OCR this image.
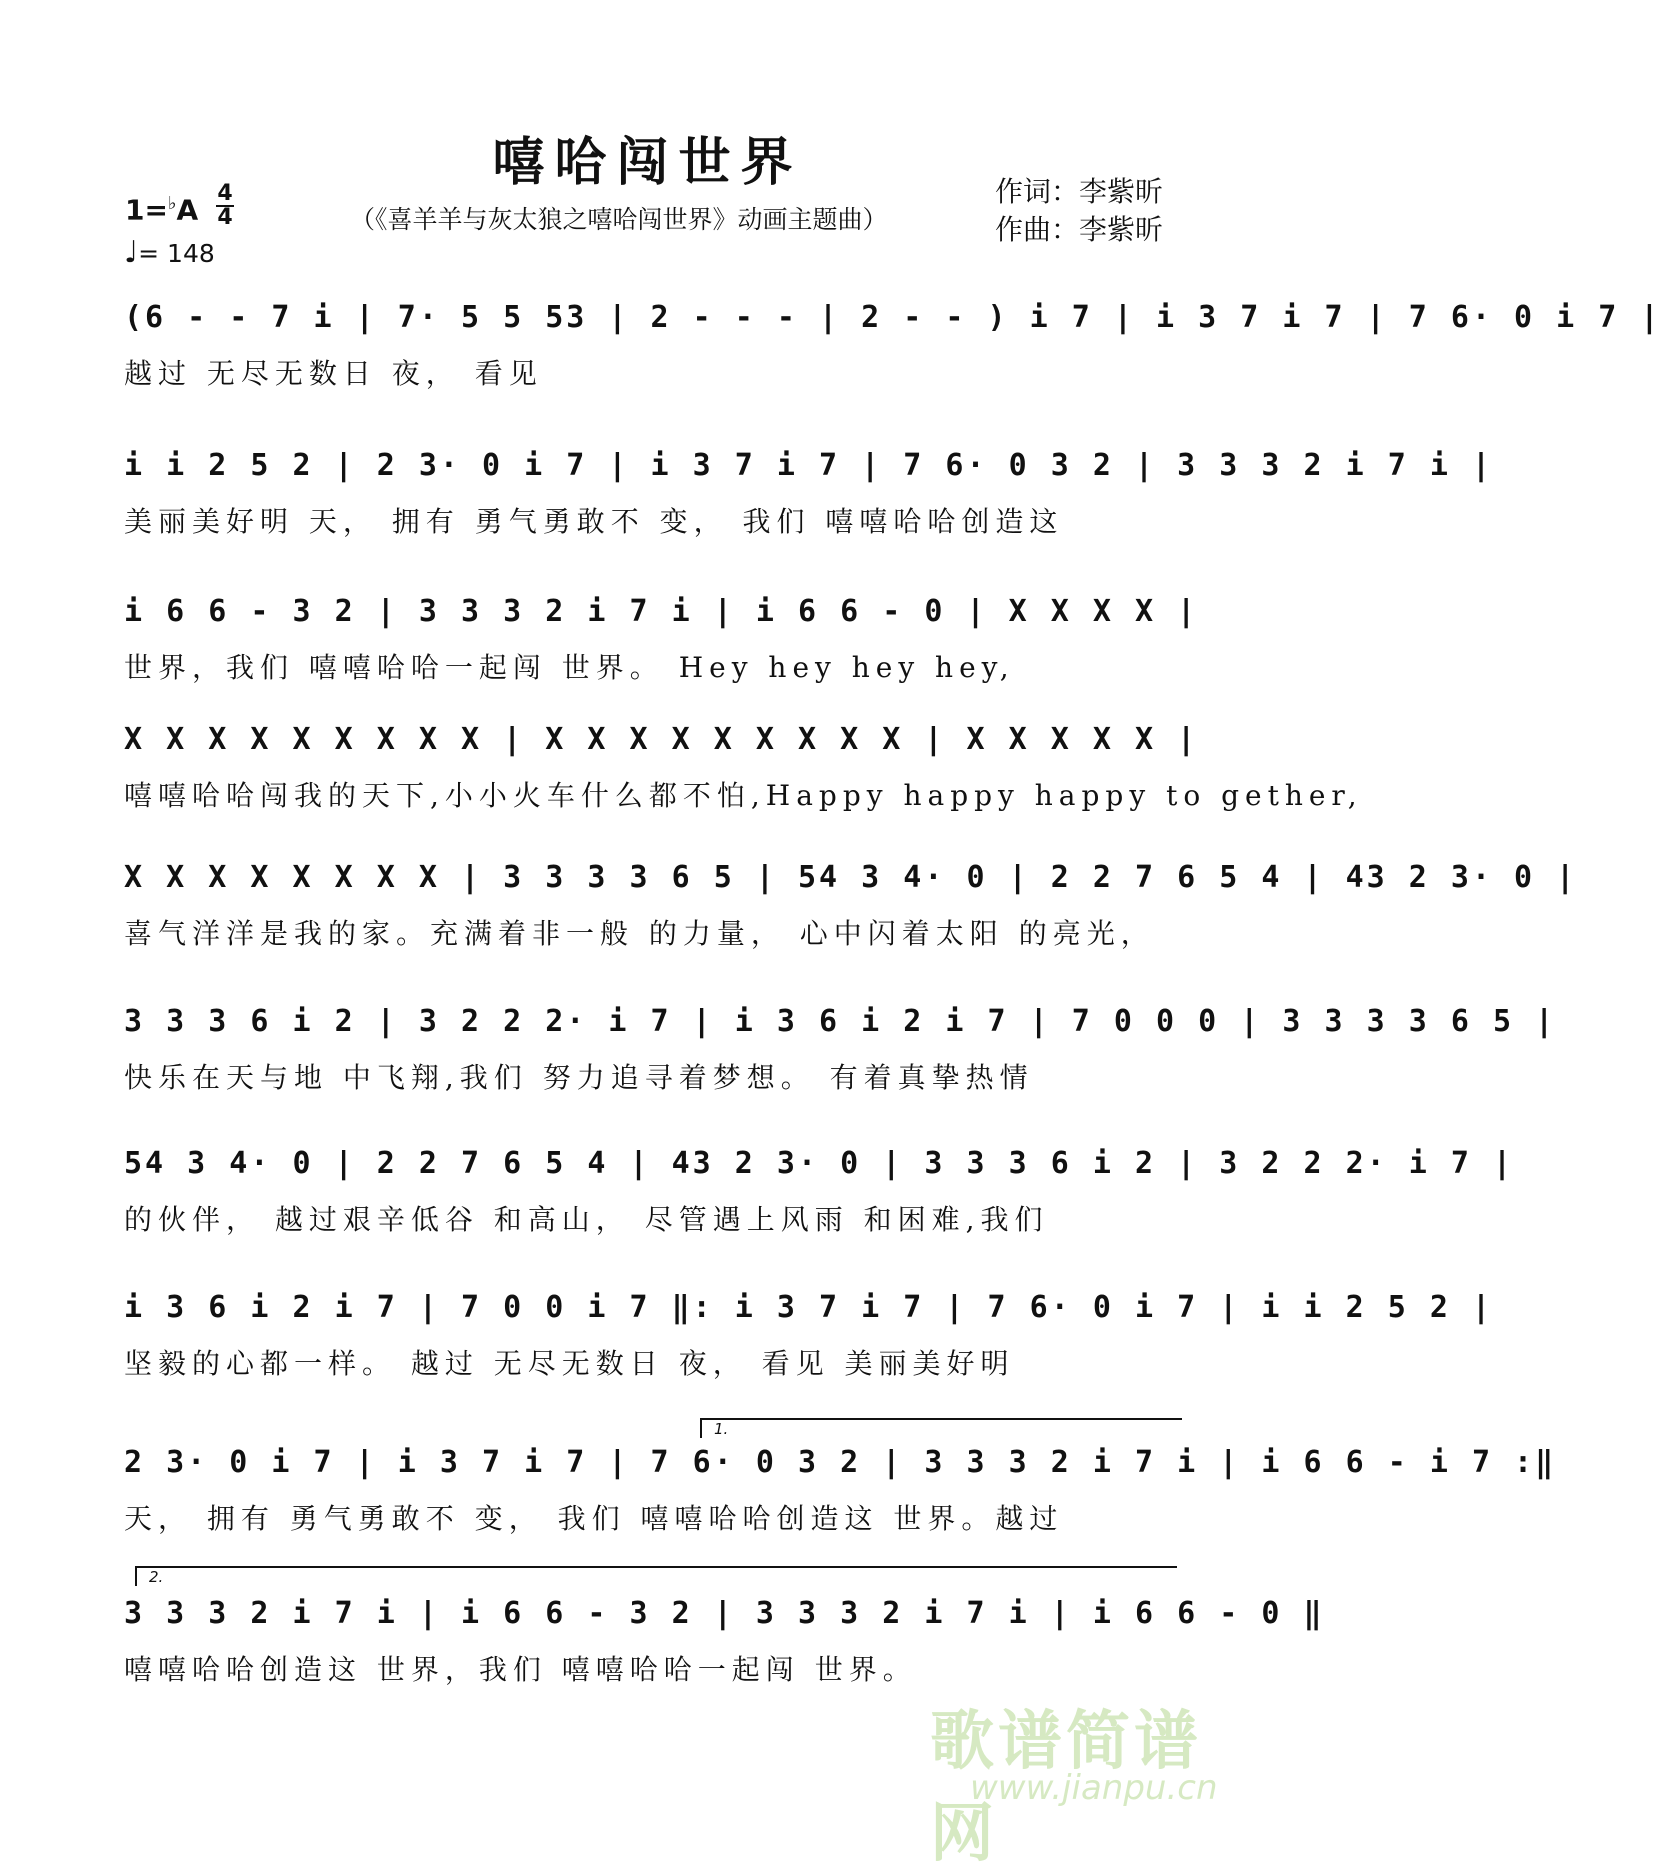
嘻哈闯世界
（《喜羊羊与灰太狼之嘻哈闯世界》动画主题曲）
作词：李紫昕
作曲：李紫昕
1=♭A 4
4
♩= 148
(6 - - 7 i | 7· 5 5 53 | 2 - - - | 2 - - ) i 7 | i 3 7 i 7 | 7 6· 0 i 7 |
越过 无尽无数日 夜， 看见
i i 2 5 2 | 2 3· 0 i 7 | i 3 7 i 7 | 7 6· 0 3 2 | 3 3 3 2 i 7 i |
美丽美好明 天， 拥有 勇气勇敢不 变， 我们 嘻嘻哈哈创造这
i 6 6 - 3 2 | 3 3 3 2 i 7 i | i 6 6 - 0 | X X X X |
世界，我们 嘻嘻哈哈一起闯 世界。 Hey hey hey hey,
X X X X X X X X X | X X X X X X X X X | X X X X X |
嘻嘻哈哈闯我的天下,小小火车什么都不怕,Happy happy happy to gether,
X X X X X X X X | 3 3 3 3 6 5 | 54 3 4· 0 | 2 2 7 6 5 4 | 43 2 3· 0 |
喜气洋洋是我的家。充满着非一般 的力量， 心中闪着太阳 的亮光，
3 3 3 6 i 2 | 3 2 2 2· i 7 | i 3 6 i 2 i 7 | 7 0 0 0 | 3 3 3 3 6 5 |
快乐在天与地 中飞翔,我们 努力追寻着梦想。 有着真挚热情
54 3 4· 0 | 2 2 7 6 5 4 | 43 2 3· 0 | 3 3 3 6 i 2 | 3 2 2 2· i 7 |
的伙伴， 越过艰辛低谷 和高山， 尽管遇上风雨 和困难,我们
i 3 6 i 2 i 7 | 7 0 0 i 7 ‖: i 3 7 i 7 | 7 6· 0 i 7 | i i 2 5 2 |
坚毅的心都一样。 越过 无尽无数日 夜， 看见 美丽美好明
1.
2 3· 0 i 7 | i 3 7 i 7 | 7 6· 0 3 2 | 3 3 3 2 i 7 i | i 6 6 - i 7 :‖
天， 拥有 勇气勇敢不 变， 我们 嘻嘻哈哈创造这 世界。越过
2.
3 3 3 2 i 7 i | i 6 6 - 3 2 | 3 3 3 2 i 7 i | i 6 6 - 0 ‖
嘻嘻哈哈创造这 世界，我们 嘻嘻哈哈一起闯 世界。
歌谱简谱网
www.jianpu.cn
